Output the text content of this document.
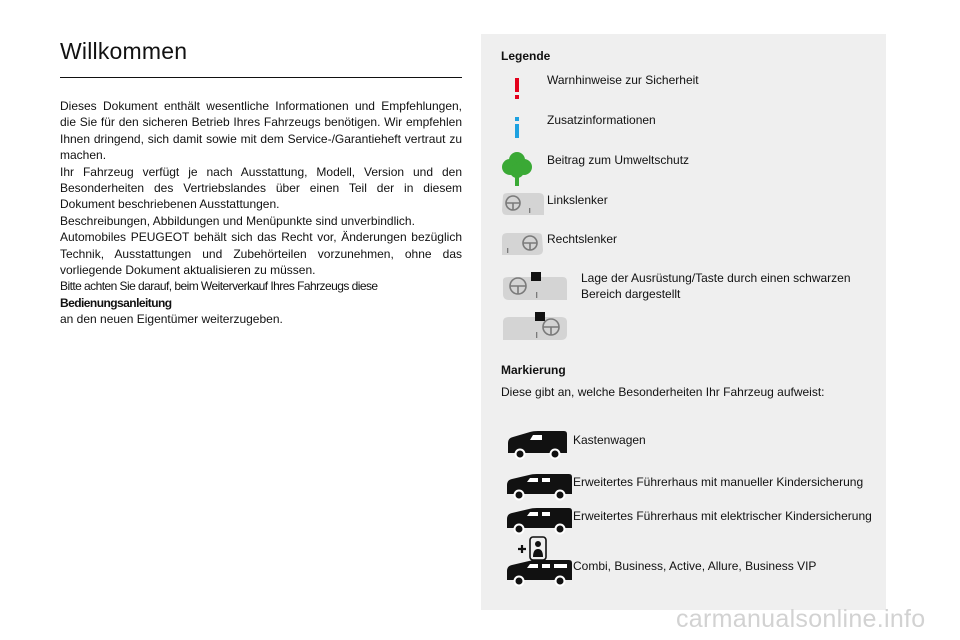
Willkommen

Dieses Dokument enthält wesentliche Informationen und Empfehlungen, die Sie für den sicheren Betrieb Ihres Fahrzeugs benötigen. Wir empfehlen Ihnen dringend, sich damit sowie mit dem Service-/Garantieheft vertraut zu machen.

Ihr Fahrzeug verfügt je nach Ausstattung, Modell, Version und den Besonderheiten des Vertriebslandes über einen Teil der in diesem Dokument beschriebenen Ausstattungen.

Beschreibungen, Abbildungen und Menüpunkte sind unverbindlich.

Automobiles PEUGEOT behält sich das Recht vor, Änderungen bezüglich Technik, Ausstattungen und Zubehörteilen vorzunehmen, ohne das vorliegende Dokument aktualisieren zu müssen.

Bitte achten Sie darauf, beim Weiterverkauf Ihres Fahrzeugs diese Bedienungsanleitung
an den neuen Eigentümer weiterzugeben.

Legende
Warnhinweise zur Sicherheit
Zusatzinformationen
Beitrag zum Umweltschutz
Linkslenker
Rechtslenker
Lage der Ausrüstung/Taste durch einen schwarzen Bereich dargestellt
Markierung
Diese gibt an, welche Besonderheiten Ihr Fahrzeug aufweist:
Kastenwagen
Erweitertes Führerhaus mit manueller Kindersicherung
Erweitertes Führerhaus mit elektrischer Kindersicherung
Combi, Business, Active, Allure, Business VIP
carmanualsonline.info
